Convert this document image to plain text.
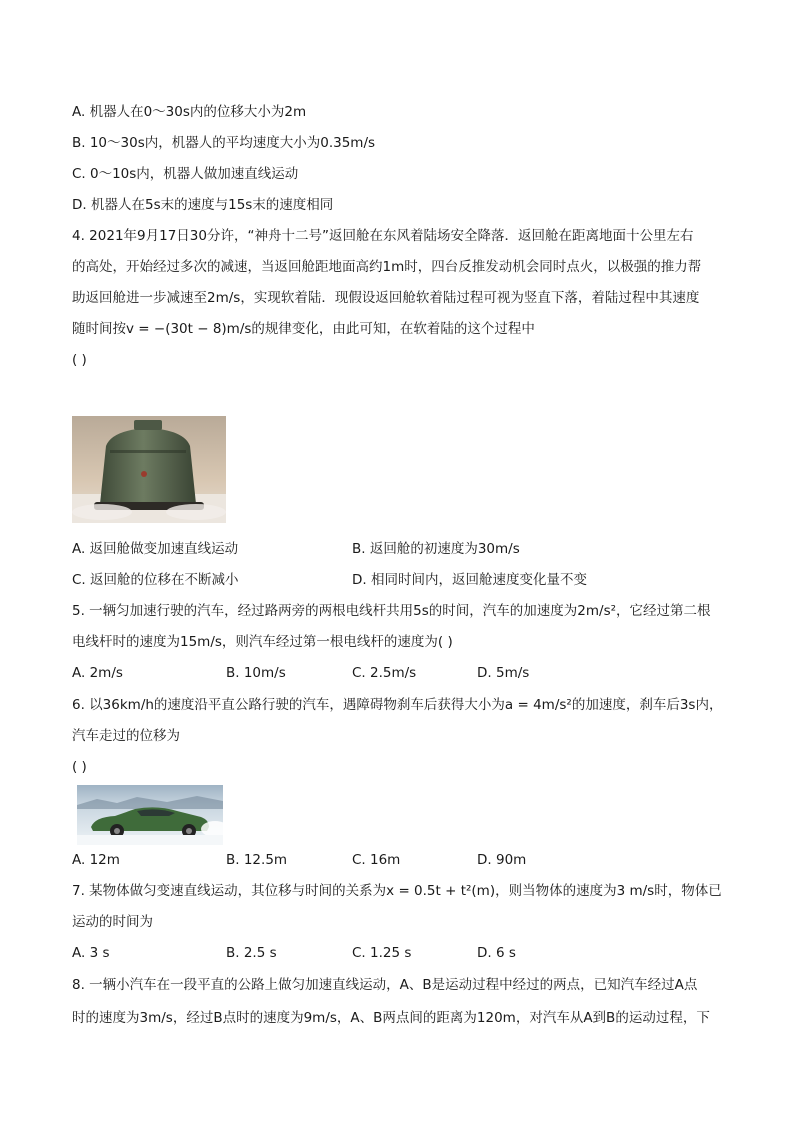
A. 机器人在0～30s内的位移大小为2m
B. 10～30s内，机器人的平均速度大小为0.35m/s
C. 0～10s内，机器人做加速直线运动
D. 机器人在5s末的速度与15s末的速度相同
4. 2021年9月17日30分许，“神舟十二号”返回舱在东风着陆场安全降落．返回舱在距离地面十公里左右
的高处，开始经过多次的减速，当返回舱距地面高约1m时，四台反推发动机会同时点火，以极强的推力帮
助返回舱进一步减速至2m/s，实现软着陆．现假设返回舱软着陆过程可视为竖直下落，着陆过程中其速度
随时间按v = −(30t − 8)m/s的规律变化，由此可知，在软着陆的这个过程中
( )
A. 返回舱做变加速直线运动	B. 返回舱的初速度为30m/s
C. 返回舱的位移在不断减小	D. 相同时间内，返回舱速度变化量不变
5. 一辆匀加速行驶的汽车，经过路两旁的两根电线杆共用5s的时间，汽车的加速度为2m/s²，它经过第二根
电线杆时的速度为15m/s，则汽车经过第一根电线杆的速度为( )
A. 2m/s	B. 10m/s	C. 2.5m/s	D. 5m/s
6. 以36km/h的速度沿平直公路行驶的汽车，遇障碍物刹车后获得大小为a = 4m/s²的加速度，刹车后3s内，
汽车走过的位移为
( )
A. 12m	B. 12.5m	C. 16m	D. 90m
7. 某物体做匀变速直线运动，其位移与时间的关系为x = 0.5t + t²(m)，则当物体的速度为3 m/s时，物体已
运动的时间为
A. 3 s	B. 2.5 s	C. 1.25 s	D. 6 s
8. 一辆小汽车在一段平直的公路上做匀加速直线运动，A、B是运动过程中经过的两点，已知汽车经过A点
时的速度为3m/s，经过B点时的速度为9m/s，A、B两点间的距离为120m，对汽车从A到B的运动过程，下
